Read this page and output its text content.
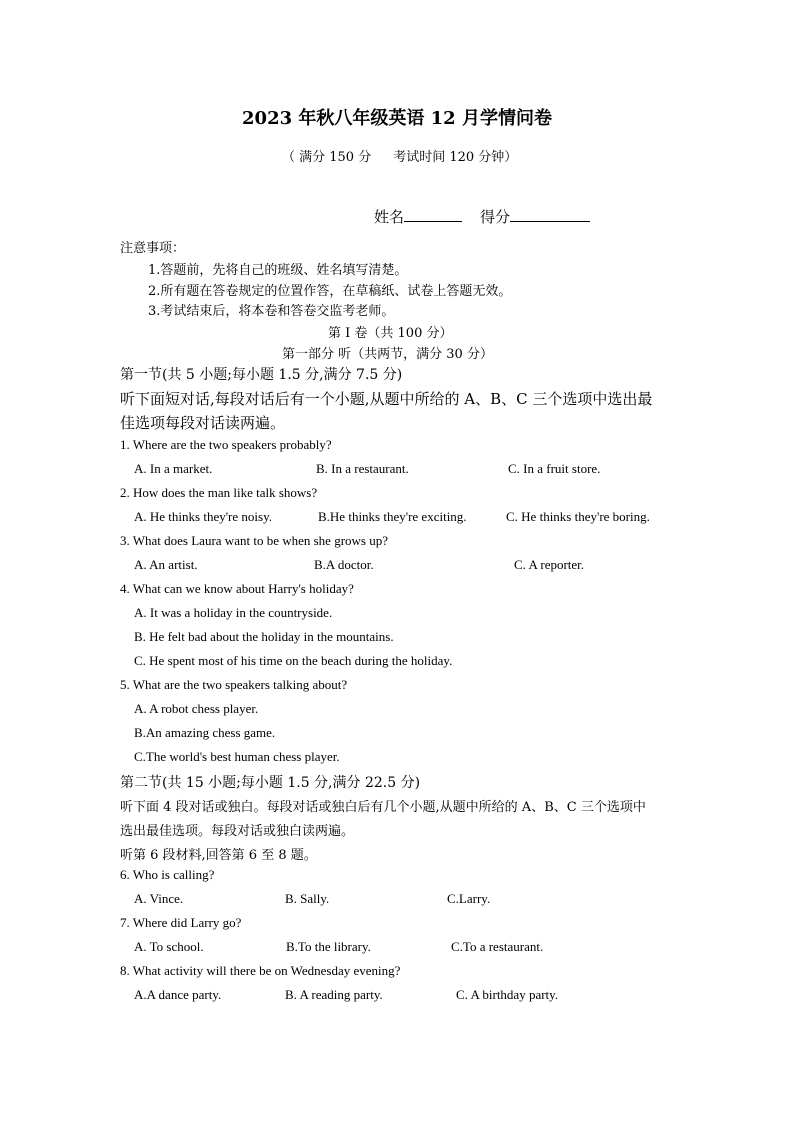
2023 年秋八年级英语 12 月学情问卷
（ 满分 150 分 考试时间 120 分钟）
姓名	得分
注意事项：
1.答题前，先将自己的班级、姓名填写清楚。
2.所有题在答卷规定的位置作答，在草稿纸、试卷上答题无效。
3.考试结束后，将本卷和答卷交监考老师。
第 I 卷（共 100 分）
第一部分 听（共两节，满分 30 分）
第一节(共 5 小题;每小题 1.5 分,满分 7.5 分)
听下面短对话,每段对话后有一个小题,从题中所给的 A、B、C 三个选项中选出最
佳选项每段对话读两遍。
1. Where are the two speakers probably?
A. In a market.	B. In a restaurant.	C. In a fruit store.
2. How does the man like talk shows?
A. He thinks they're noisy.	B.He thinks they're exciting.	C. He thinks they're boring.
3. What does Laura want to be when she grows up?
A. An artist.	B.A doctor.	C. A reporter.
4. What can we know about Harry's holiday?
A. It was a holiday in the countryside.
B. He felt bad about the holiday in the mountains.
C. He spent most of his time on the beach during the holiday.
5. What are the two speakers talking about?
A. A robot chess player.
B.An amazing chess game.
C.The world's best human chess player.
第二节(共 15 小题;每小题 1.5 分,满分 22.5 分)
听下面 4 段对话或独白。每段对话或独白后有几个小题,从题中所给的 A、B、C 三个选项中
选出最佳选项。每段对话或独白读两遍。
听第 6 段材料,回答第 6 至 8 题。
6. Who is calling?
A. Vince.	B. Sally.	C.Larry.
7. Where did Larry go?
A. To school.	B.To the library.	C.To a restaurant.
8. What activity will there be on Wednesday evening?
A.A dance party.	B. A reading party.	C. A birthday party.
